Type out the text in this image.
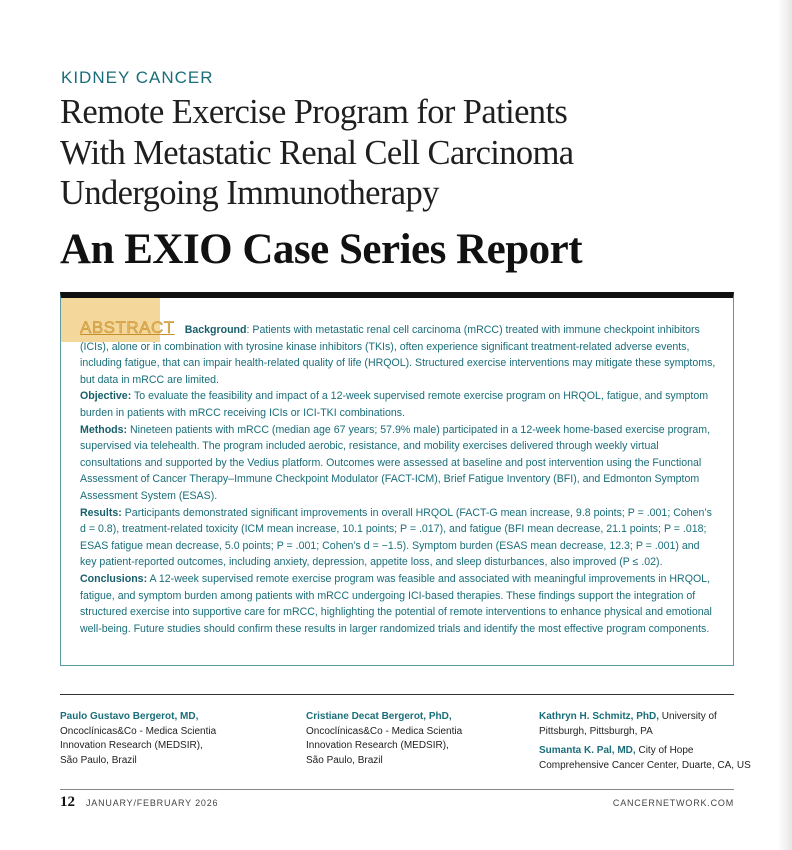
KIDNEY CANCER
Remote Exercise Program for Patients
With Metastatic Renal Cell Carcinoma
Undergoing Immunotherapy
An EXIO Case Series Report

ABSTRACT Background: Patients with metastatic renal cell carcinoma (mRCC) treated with immune checkpoint inhibitors (ICIs), alone or in combination with tyrosine kinase inhibitors (TKIs), often experience significant treatment-related adverse events, including fatigue, that can impair health-related quality of life (HRQOL). Structured exercise interventions may mitigate these symptoms, but data in mRCC are limited.

Objective: To evaluate the feasibility and impact of a 12-week supervised remote exercise program on HRQOL, fatigue, and symptom burden in patients with mRCC receiving ICIs or ICI-TKI combinations.

Methods: Nineteen patients with mRCC (median age 67 years; 57.9% male) participated in a 12-week home-based exercise program, supervised via telehealth. The program included aerobic, resistance, and mobility exercises delivered through weekly virtual consultations and supported by the Vedius platform. Outcomes were assessed at baseline and post intervention using the Functional Assessment of Cancer Therapy–Immune Checkpoint Modulator (FACT-ICM), Brief Fatigue Inventory (BFI), and Edmonton Symptom Assessment System (ESAS).

Results: Participants demonstrated significant improvements in overall HRQOL (FACT-G mean increase, 9.8 points; P = .001; Cohen’s d = 0.8), treatment-related toxicity (ICM mean increase, 10.1 points; P = .017), and fatigue (BFI mean decrease, 21.1 points; P = .018; ESAS fatigue mean decrease, 5.0 points; P = .001; Cohen’s d = −1.5). Symptom burden (ESAS mean decrease, 12.3; P = .001) and key patient-reported outcomes, including anxiety, depression, appetite loss, and sleep disturbances, also improved (P ≤ .02).

Conclusions: A 12-week supervised remote exercise program was feasible and associated with meaningful improvements in HRQOL, fatigue, and symptom burden among patients with mRCC undergoing ICI-based therapies. These findings support the integration of structured exercise into supportive care for mRCC, highlighting the potential of remote interventions to enhance physical and emotional well-being. Future studies should confirm these results in larger randomized trials and identify the most effective program components.

Paulo Gustavo Bergerot, MD,
Oncoclínicas&Co - Medica Scientia
Innovation Research (MEDSIR),
São Paulo, Brazil
Cristiane Decat Bergerot, PhD,
Oncoclínicas&Co - Medica Scientia
Innovation Research (MEDSIR),
São Paulo, Brazil
Kathryn H. Schmitz, PhD, University of
Pittsburgh, Pittsburgh, PA
Sumanta K. Pal, MD, City of Hope
Comprehensive Cancer Center, Duarte, CA, US
12 JANUARY/FEBRUARY 2026	CANCERNETWORK.COM
